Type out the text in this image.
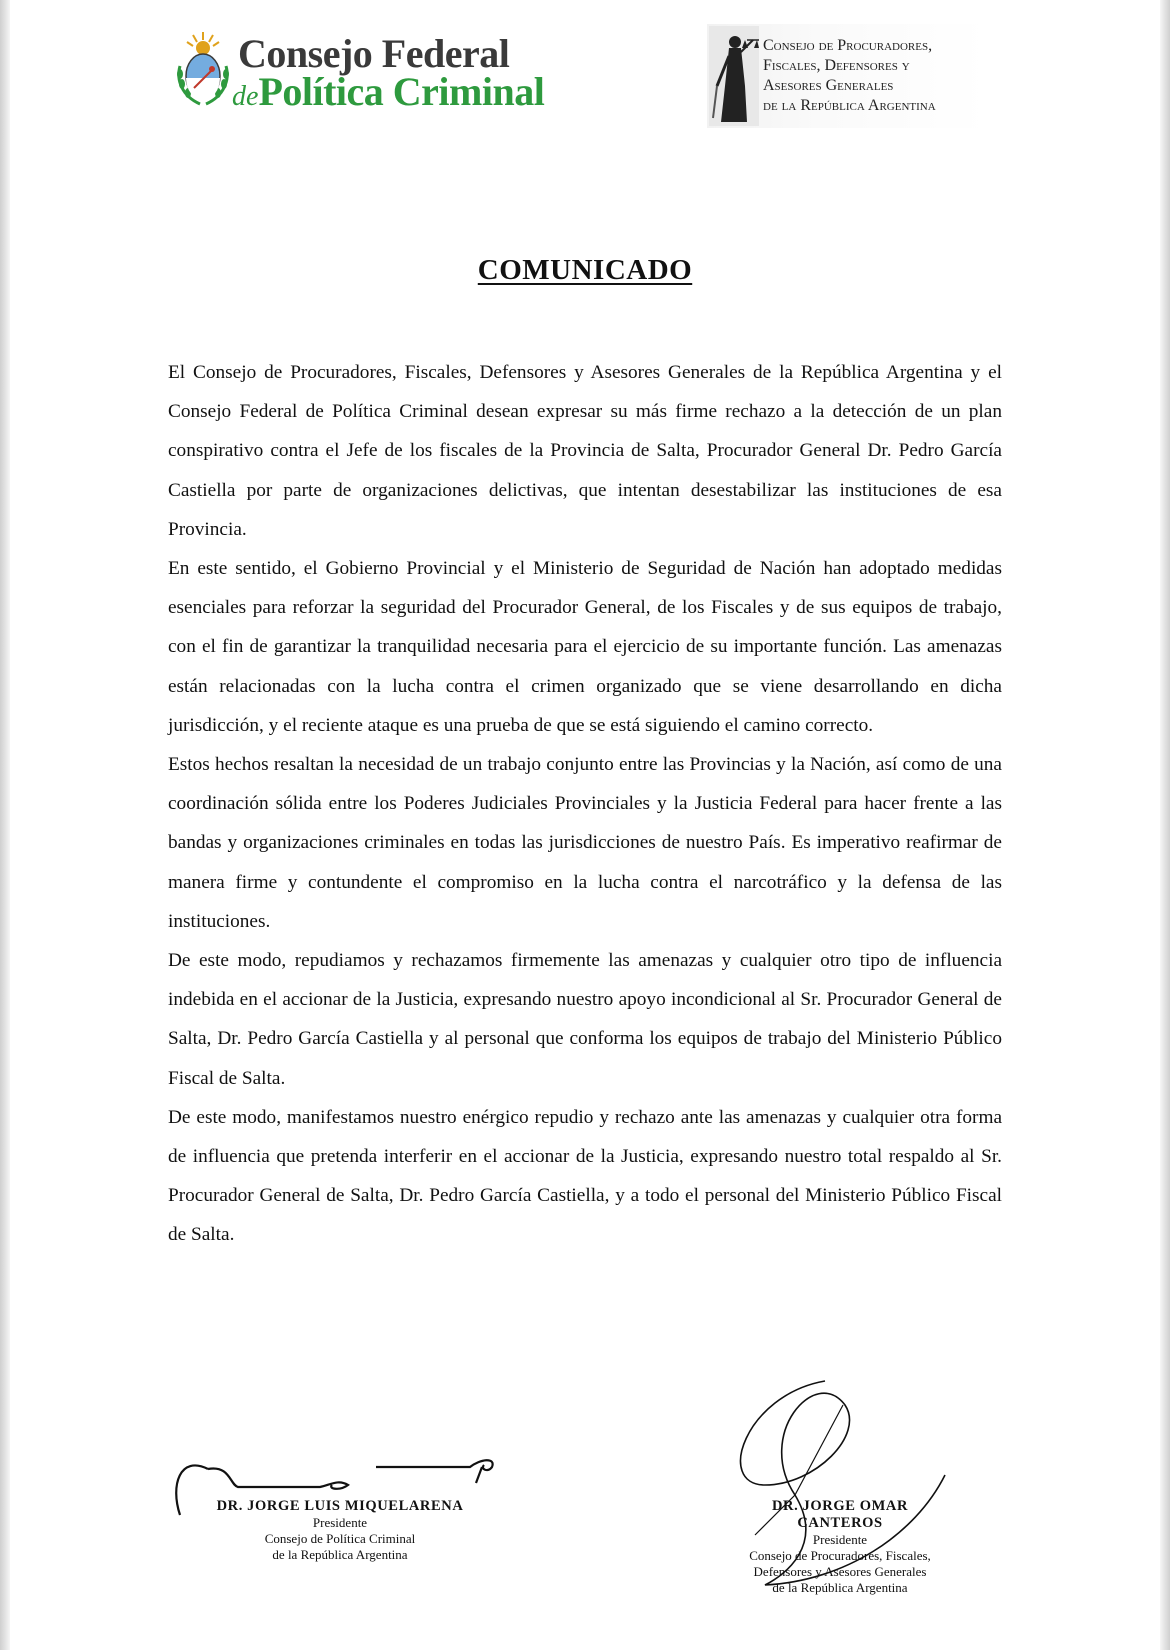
Consejo Federal
dePolítica Criminal
Consejo de Procuradores,
Fiscales, Defensores y
Asesores Generales
de la República Argentina
COMUNICADO

El Consejo de Procuradores, Fiscales, Defensores y Asesores Generales de la República Argentina y el Consejo Federal de Política Criminal desean expresar su más firme rechazo a la detección de un plan conspirativo contra el Jefe de los fiscales de la Provincia de Salta, Procurador General Dr. Pedro García Castiella por parte de organizaciones delictivas, que intentan desestabilizar las instituciones de esa Provincia.

En este sentido, el Gobierno Provincial y el Ministerio de Seguridad de Nación han adoptado medidas esenciales para reforzar la seguridad del Procurador General, de los Fiscales y de sus equipos de trabajo, con el fin de garantizar la tranquilidad necesaria para el ejercicio de su importante función. Las amenazas están relacionadas con la lucha contra el crimen organizado que se viene desarrollando en dicha jurisdicción, y el reciente ataque es una prueba de que se está siguiendo el camino correcto.

Estos hechos resaltan la necesidad de un trabajo conjunto entre las Provincias y la Nación, así como de una coordinación sólida entre los Poderes Judiciales Provinciales y la Justicia Federal para hacer frente a las bandas y organizaciones criminales en todas las jurisdicciones de nuestro País. Es imperativo reafirmar de manera firme y contundente el compromiso en la lucha contra el narcotráfico y la defensa de las instituciones.

De este modo, repudiamos y rechazamos firmemente las amenazas y cualquier otro tipo de influencia indebida en el accionar de la Justicia, expresando nuestro apoyo incondicional al Sr. Procurador General de Salta, Dr. Pedro García Castiella y al personal que conforma los equipos de trabajo del Ministerio Público Fiscal de Salta.

De este modo, manifestamos nuestro enérgico repudio y rechazo ante las amenazas y cualquier otra forma de influencia que pretenda interferir en el accionar de la Justicia, expresando nuestro total respaldo al Sr. Procurador General de Salta, Dr. Pedro García Castiella, y a todo el personal del Ministerio Público Fiscal de Salta.

DR. JORGE LUIS MIQUELARENA
Presidente
Consejo de Política Criminal
de la República Argentina
DR. JORGE OMAR CANTEROS
Presidente
Consejo de Procuradores, Fiscales,
Defensores y Asesores Generales
de la República Argentina
